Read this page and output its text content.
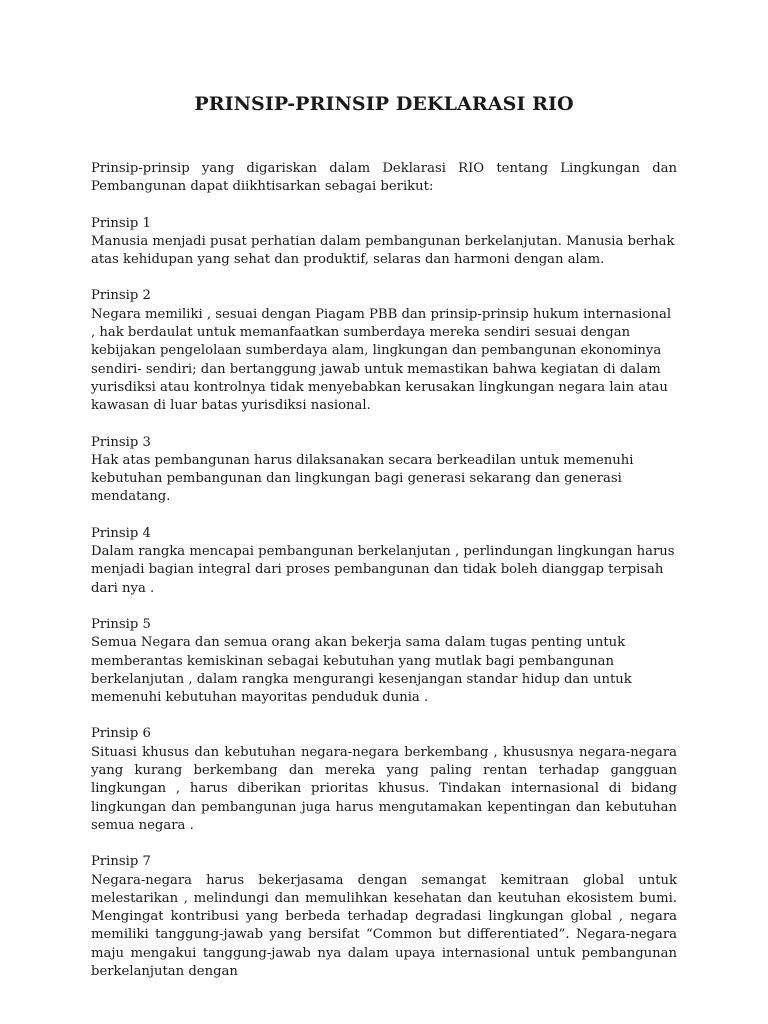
PRINSIP-PRINSIP DEKLARASI RIO

Prinsip-prinsip yang digariskan dalam Deklarasi RIO tentang Lingkungan dan Pembangunan dapat diikhtisarkan sebagai berikut:

Prinsip 1

Manusia menjadi pusat perhatian dalam pembangunan berkelanjutan. Manusia berhak atas kehidupan yang sehat dan produktif, selaras dan harmoni dengan alam.

Prinsip 2

Negara memiliki , sesuai dengan Piagam PBB dan prinsip-prinsip hukum internasional , hak berdaulat untuk memanfaatkan sumberdaya mereka sendiri sesuai dengan kebijakan pengelolaan sumberdaya alam, lingkungan dan pembangunan ekonominya sendiri- sendiri; dan bertanggung jawab untuk memastikan bahwa kegiatan di dalam yurisdiksi atau kontrolnya tidak menyebabkan kerusakan lingkungan negara lain atau kawasan di luar batas yurisdiksi nasional.

Prinsip 3

Hak atas pembangunan harus dilaksanakan secara berkeadilan untuk memenuhi kebutuhan pembangunan dan lingkungan bagi generasi sekarang dan generasi mendatang.

Prinsip 4

Dalam rangka mencapai pembangunan berkelanjutan , perlindungan lingkungan harus menjadi bagian integral dari proses pembangunan dan tidak boleh dianggap terpisah dari nya .

Prinsip 5

Semua Negara dan semua orang akan bekerja sama dalam tugas penting untuk memberantas kemiskinan sebagai kebutuhan yang mutlak bagi pembangunan berkelanjutan , dalam rangka mengurangi kesenjangan standar hidup dan untuk memenuhi kebutuhan mayoritas penduduk dunia .

Prinsip 6

Situasi khusus dan kebutuhan negara-negara berkembang , khususnya negara-negara yang kurang berkembang dan mereka yang paling rentan terhadap gangguan lingkungan , harus diberikan prioritas khusus. Tindakan internasional di bidang lingkungan dan pembangunan juga harus mengutamakan kepentingan dan kebutuhan semua negara .

Prinsip 7

Negara-negara harus bekerjasama dengan semangat kemitraan global untuk melestarikan , melindungi dan memulihkan kesehatan dan keutuhan ekosistem bumi. Mengingat kontribusi yang berbeda terhadap degradasi lingkungan global , negara memiliki tanggung-jawab yang bersifat “Common but differentiated”. Negara-negara maju mengakui tanggung-jawab nya dalam upaya internasional untuk pembangunan berkelanjutan dengan
